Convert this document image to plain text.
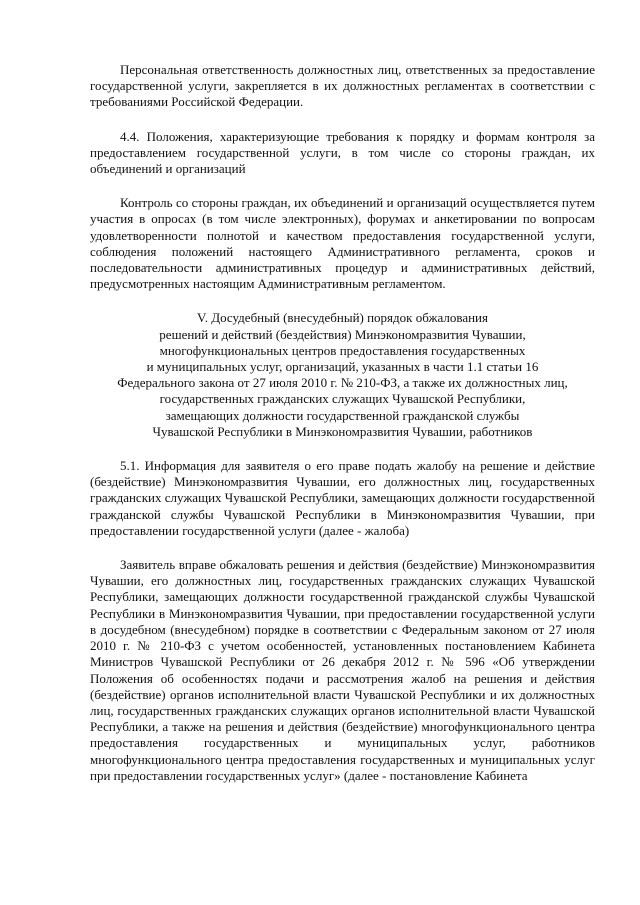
Персональная ответственность должностных лиц, ответственных за предоставление государственной услуги, закрепляется в их должностных регламентах в соответствии с требованиями Российской Федерации.

4.4. Положения, характеризующие требования к порядку и формам контроля за предоставлением государственной услуги, в том числе со стороны граждан, их объединений и организаций

Контроль со стороны граждан, их объединений и организаций осуществляется путем участия в опросах (в том числе электронных), форумах и анкетировании по вопросам удовлетворенности полнотой и качеством предоставления государственной услуги, соблюдения положений настоящего Административного регламента, сроков и последовательности административных процедур и административных действий, предусмотренных настоящим Административным регламентом.

V. Досудебный (внесудебный) порядок обжалования
решений и действий (бездействия) Минэкономразвития Чувашии,
многофункциональных центров предоставления государственных
и муниципальных услуг, организаций, указанных в части 1.1 статьи 16
Федерального закона от 27 июля 2010 г. № 210-ФЗ, а также их должностных лиц,
государственных гражданских служащих Чувашской Республики,
замещающих должности государственной гражданской службы
Чувашской Республики в Минэкономразвития Чувашии, работников

5.1. Информация для заявителя о его праве подать жалобу на решение и действие (бездействие) Минэкономразвития Чувашии, его должностных лиц, государственных гражданских служащих Чувашской Республики, замещающих должности государственной гражданской службы Чувашской Республики в Минэкономразвития Чувашии, при предоставлении государственной услуги (далее - жалоба)

Заявитель вправе обжаловать решения и действия (бездействие) Минэкономразвития Чувашии, его должностных лиц, государственных гражданских служащих Чувашской Республики, замещающих должности государственной гражданской службы Чувашской Республики в Минэкономразвития Чувашии, при предоставлении государственной услуги в досудебном (внесудебном) порядке в соответствии с Федеральным законом от 27 июля 2010 г. № 210-ФЗ с учетом особенностей, установленных постановлением Кабинета Министров Чувашской Республики от 26 декабря 2012 г. № 596 «Об утверждении Положения об особенностях подачи и рассмотрения жалоб на решения и действия (бездействие) органов исполнительной власти Чувашской Республики и их должностных лиц, государственных гражданских служащих органов исполнительной власти Чувашской Республики, а также на решения и действия (бездействие) многофункционального центра предоставления государственных и муниципальных услуг, работников многофункционального центра предоставления государственных и муниципальных услуг при предоставлении государственных услуг» (далее - постановление Кабинета
